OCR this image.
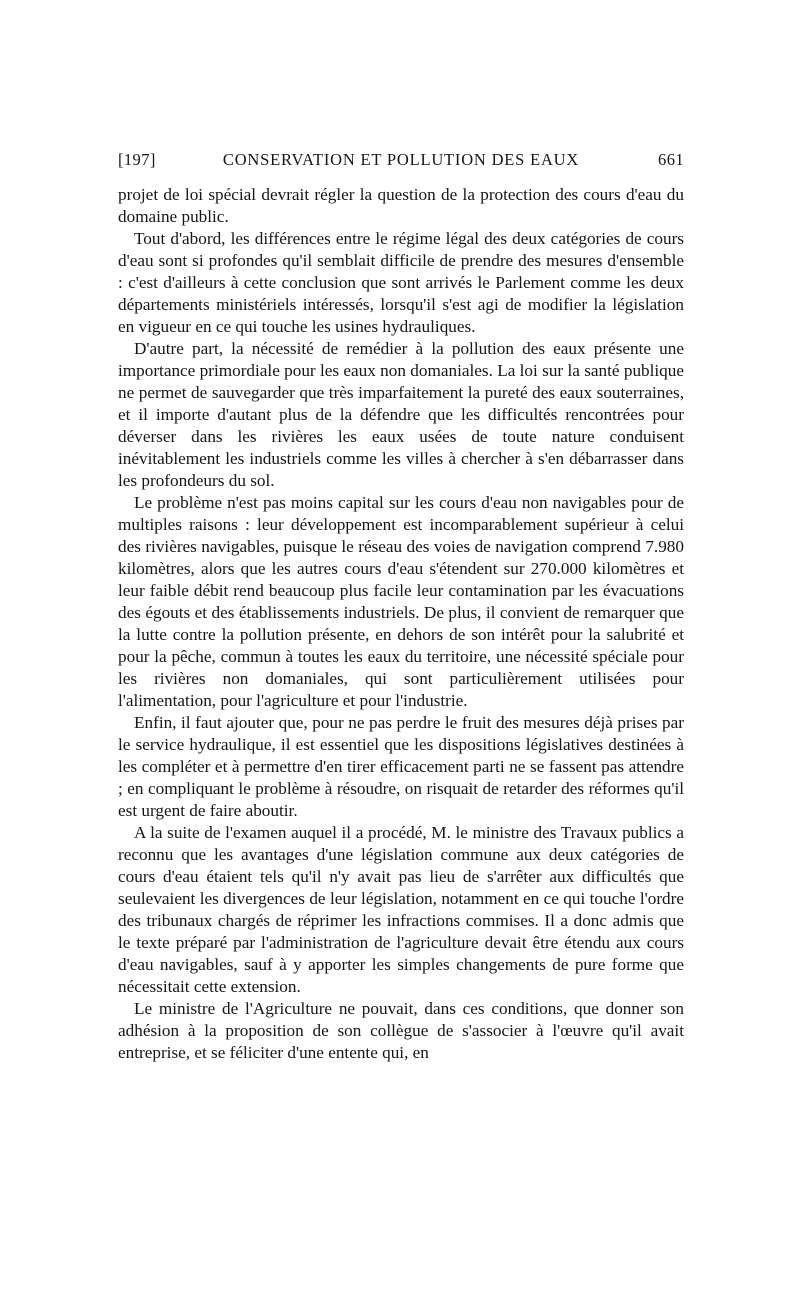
[197]	CONSERVATION ET POLLUTION DES EAUX	661

projet de loi spécial devrait régler la question de la protection des cours d'eau du domaine public.

Tout d'abord, les différences entre le régime légal des deux catégories de cours d'eau sont si profondes qu'il semblait difficile de prendre des mesures d'ensemble : c'est d'ailleurs à cette conclusion que sont arrivés le Parlement comme les deux départements ministériels intéressés, lorsqu'il s'est agi de modifier la législation en vigueur en ce qui touche les usines hydrauliques.

D'autre part, la nécessité de remédier à la pollution des eaux présente une importance primordiale pour les eaux non domaniales. La loi sur la santé publique ne permet de sauvegarder que très imparfaitement la pureté des eaux souterraines, et il importe d'autant plus de la défendre que les difficultés rencontrées pour déverser dans les rivières les eaux usées de toute nature conduisent inévitablement les industriels comme les villes à chercher à s'en débarrasser dans les profondeurs du sol.

Le problème n'est pas moins capital sur les cours d'eau non navigables pour de multiples raisons : leur développement est incomparablement supérieur à celui des rivières navigables, puisque le réseau des voies de navigation comprend 7.980 kilomètres, alors que les autres cours d'eau s'étendent sur 270.000 kilomètres et leur faible débit rend beaucoup plus facile leur contamination par les évacuations des égouts et des établissements industriels. De plus, il convient de remarquer que la lutte contre la pollution présente, en dehors de son intérêt pour la salubrité et pour la pêche, commun à toutes les eaux du territoire, une nécessité spéciale pour les rivières non domaniales, qui sont particulièrement utilisées pour l'alimentation, pour l'agriculture et pour l'industrie.

Enfin, il faut ajouter que, pour ne pas perdre le fruit des mesures déjà prises par le service hydraulique, il est essentiel que les dispositions législatives destinées à les compléter et à permettre d'en tirer efficacement parti ne se fassent pas attendre ; en compliquant le problème à résoudre, on risquait de retarder des réformes qu'il est urgent de faire aboutir.

A la suite de l'examen auquel il a procédé, M. le ministre des Travaux publics a reconnu que les avantages d'une législation commune aux deux catégories de cours d'eau étaient tels qu'il n'y avait pas lieu de s'arrêter aux difficultés que seulevaient les divergences de leur législation, notamment en ce qui touche l'ordre des tribunaux chargés de réprimer les infractions commises. Il a donc admis que le texte préparé par l'administration de l'agriculture devait être étendu aux cours d'eau navigables, sauf à y apporter les simples changements de pure forme que nécessitait cette extension.

Le ministre de l'Agriculture ne pouvait, dans ces conditions, que donner son adhésion à la proposition de son collègue de s'associer à l'œuvre qu'il avait entreprise, et se féliciter d'une entente qui, en
